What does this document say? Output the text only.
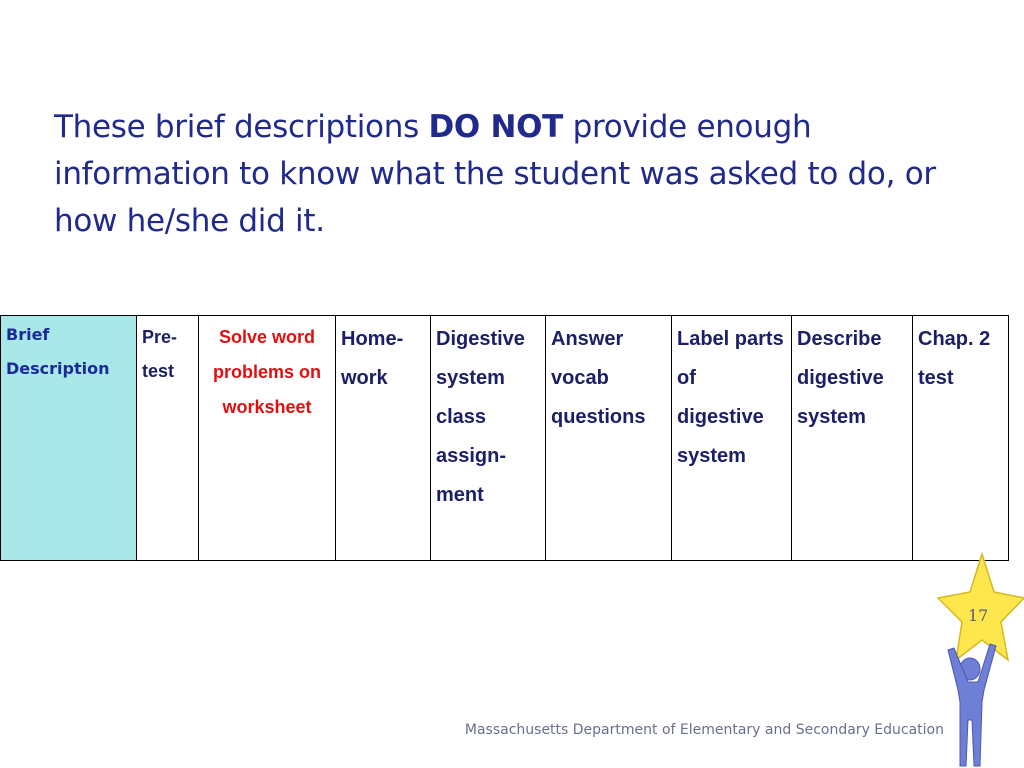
These brief descriptions DO NOT provide enough information to know what the student was asked to do, or how he/she did it.

Brief Description	Pre-test	Solve word problems on worksheet	Home-work	Digestive system class assign-ment	Answer vocab questions	Label parts of digestive system	Describe digestive system	Chap. 2 test
Massachusetts Department of Elementary and Secondary Education
17
